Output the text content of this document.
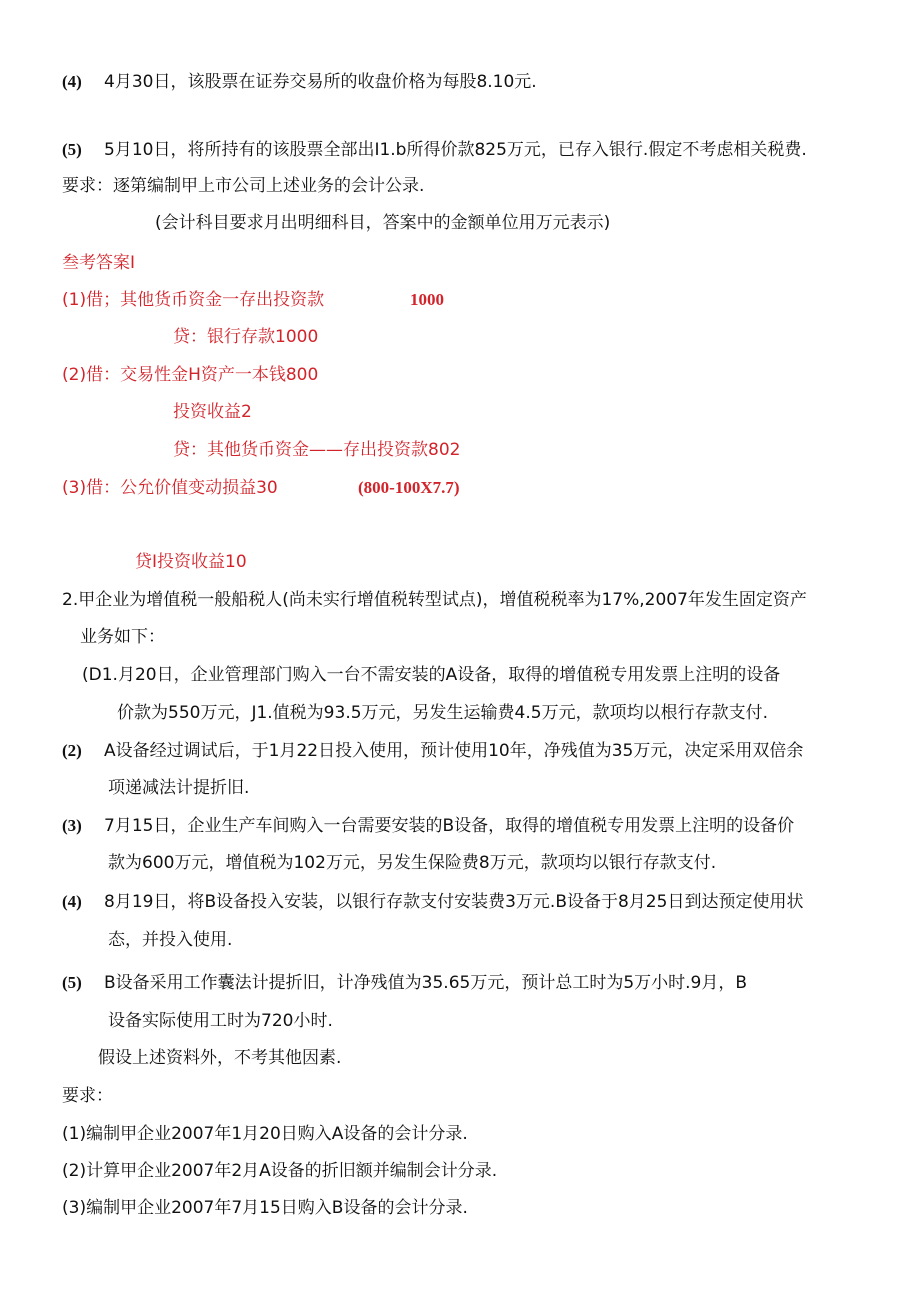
(4) 4月30日，该股票在证券交易所的收盘价格为每股8.10元.
(5) 5月10日，将所持有的该股票全部出I1.b所得价款825万元，已存入银行.假定不考虑相关税费.
要求：逐第编制甲上市公司上述业务的会计公录.
(会计科目要求月出明细科目，答案中的金额单位用万元表示)
叁考答案I
(1)借；其他货币资金一存出投资款	1000
贷：银行存款1000
(2)借：交易性金H资产一本钱800
投资收益2
贷：其他货币资金——存出投资款802
(3)借：公允价值变动损益30	(800-100X7.7)
贷I投资收益10
2.甲企业为增值税一般船税人(尚未实行增值税转型试点)，增值税税率为17%,2007年发生固定资产
业务如下：
(D1.月20日，企业管理部门购入一台不需安装的A设备，取得的增值税专用发票上注明的设备
价款为550万元，J1.值税为93.5万元，另发生运输费4.5万元，款项均以根行存款支付.
(2) A设备经过调试后，于1月22日投入使用，预计使用10年，净残值为35万元，决定采用双倍余
项递减法计提折旧.
(3) 7月15日，企业生产车间购入一台需要安装的B设备，取得的增值税专用发票上注明的设备价
款为600万元，增值税为102万元，另发生保险费8万元，款项均以银行存款支付.
(4) 8月19日，将B设备投入安装，以银行存款支付安装费3万元.B设备于8月25日到达预定使用状
态，并投入使用.
(5) B设备采用工作囊法计提折旧，计净残值为35.65万元，预计总工时为5万小时.9月，B
设备实际使用工时为720小时.
假设上述资料外，不考其他因素.
要求：
(1)编制甲企业2007年1月20日购入A设备的会计分录.
(2)计算甲企业2007年2月A设备的折旧额并编制会计分录.
(3)编制甲企业2007年7月15日购入B设备的会计分录.
